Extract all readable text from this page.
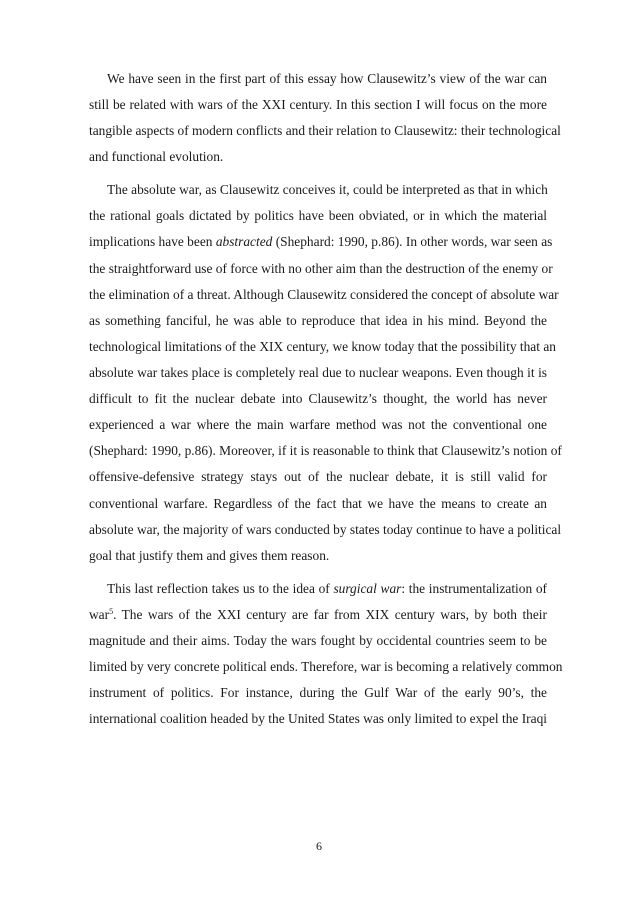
We have seen in the first part of this essay how Clausewitz’s view of the war can
still be related with wars of the XXI century. In this section I will focus on the more
tangible aspects of modern conflicts and their relation to Clausewitz: their technological
and functional evolution.
The absolute war, as Clausewitz conceives it, could be interpreted as that in which
the rational goals dictated by politics have been obviated, or in which the material
implications have been abstracted (Shephard: 1990, p.86). In other words, war seen as
the straightforward use of force with no other aim than the destruction of the enemy or
the elimination of a threat. Although Clausewitz considered the concept of absolute war
as something fanciful, he was able to reproduce that idea in his mind. Beyond the
technological limitations of the XIX century, we know today that the possibility that an
absolute war takes place is completely real due to nuclear weapons. Even though it is
difficult to fit the nuclear debate into Clausewitz’s thought, the world has never
experienced a war where the main warfare method was not the conventional one
(Shephard: 1990, p.86). Moreover, if it is reasonable to think that Clausewitz’s notion of
offensive-defensive strategy stays out of the nuclear debate, it is still valid for
conventional warfare. Regardless of the fact that we have the means to create an
absolute war, the majority of wars conducted by states today continue to have a political
goal that justify them and gives them reason.
This last reflection takes us to the idea of surgical war: the instrumentalization of
war$^5$. The wars of the XXI century are far from XIX century wars, by both their
magnitude and their aims. Today the wars fought by occidental countries seem to be
limited by very concrete political ends. Therefore, war is becoming a relatively common
instrument of politics. For instance, during the Gulf War of the early 90’s, the
international coalition headed by the United States was only limited to expel the Iraqi
6
